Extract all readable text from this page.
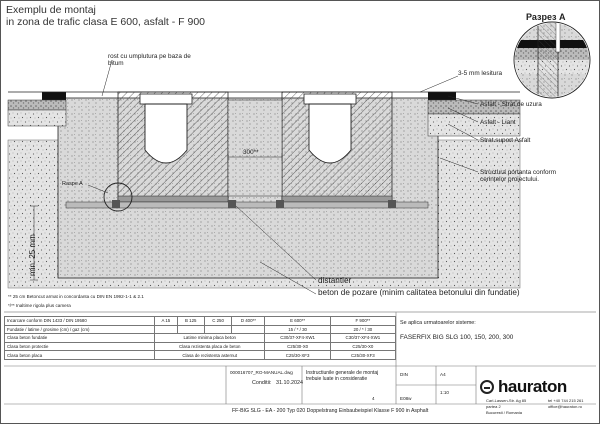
Exemplu de montaj
in zona de trafic clasa E 600, asfalt - F 900	Разрез А
rost cu umplutura pe baza de bitum
3-5 mm lesitura
Asfalt - Strat de uzura
Asfalt - Liant
Strat suport Asfalt
Structura portanta conform cerintelor proiectului.
300**
Raspe A
distantier
beton de pozare (minim calitatea betonului din fundatie)
min. 25 mm
** 25 cm Betoncut armat in concordanta cu DIN EN 1992-1-1 & 2.1
*/** Inaltime rigola plus camera
Incarcare conform DIN 1433 / DIN 19580	A 15	B 125	C 250	D 400**	E 600**	F 900**
Fundatie / latime / grosime (cm) / gaz (cm)					15 / * / 30	20 / * / 30
Clasa beton fundatie	Latime minima placa beton				C30/37-XF4-XW1	C30/37-XF4-XW1
Clasa beton protectie	Clasa rezistenta placa de beton				C25/30-X0	C25/30-X0
Clasa beton placa	Clasa de rezistenta asternut				C25/30-XF3	C25/30-XF3
Se aplica urmatoarelor sisteme:
FASERFIX BIG SLG 100, 150, 200, 300
000016707_RO-MANUAL.dwg
Conditii: 31.10.2024
Instructiunile generale de montaj trebuie luate in consideratie
4
DIN	A4
1:10
E08w
FF-BIG SLG - EA - 200 Typ 020 Doppelstrang Einbaubeispiel Klasse F 900 in Asphalt
hauraton
Carl-Lassen-Str. Ag 85
partea 2
Bucuresti / Romania
tel +40 744 215 261
office@hauraton.ro
